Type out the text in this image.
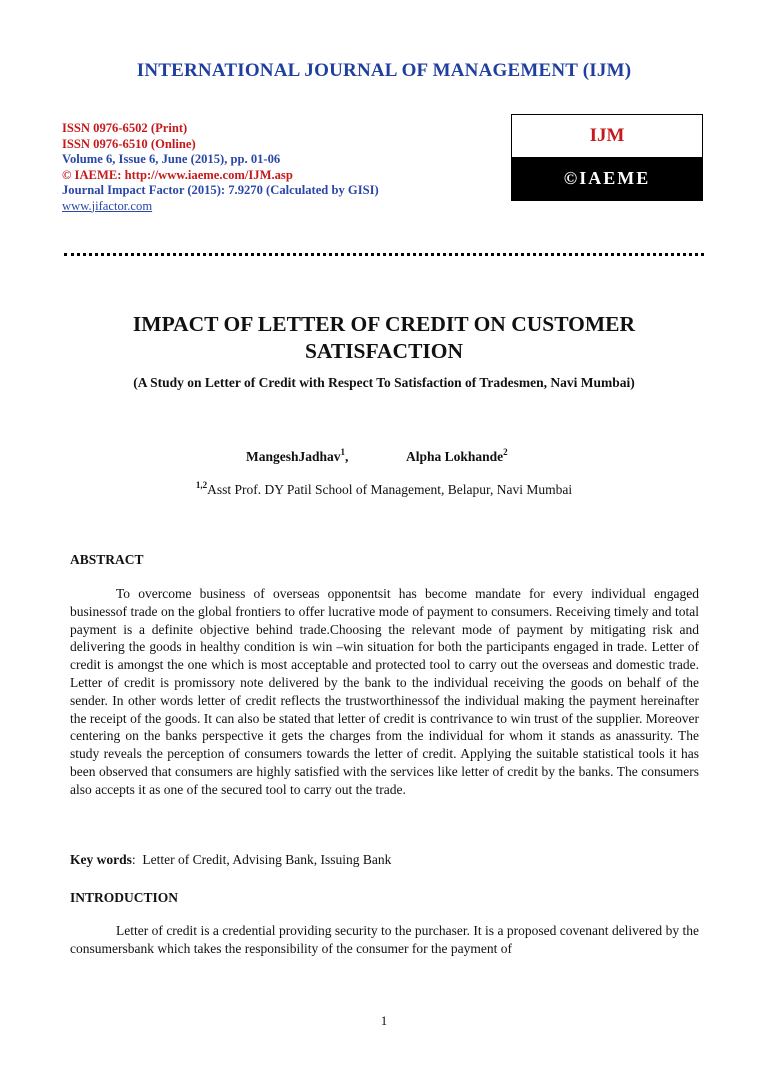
INTERNATIONAL JOURNAL OF MANAGEMENT (IJM)
ISSN 0976-6502 (Print)
ISSN 0976-6510 (Online)
Volume 6, Issue 6, June (2015), pp. 01-06
© IAEME: http://www.iaeme.com/IJM.asp
Journal Impact Factor (2015): 7.9270 (Calculated by GISI)
www.jifactor.com
IJM
©IAEME
IMPACT OF LETTER OF CREDIT ON CUSTOMER
SATISFACTION
(A Study on Letter of Credit with Respect To Satisfaction of Tradesmen, Navi Mumbai)
MangeshJadhav$^1$,	Alpha Lokhande$^2$
$^{1,2}$Asst Prof. DY Patil School of Management, Belapur, Navi Mumbai
ABSTRACT

To overcome business of overseas opponentsit has become mandate for every individual engaged businessof trade on the global frontiers to offer lucrative mode of payment to consumers. Receiving timely and total payment is a definite objective behind trade.Choosing the relevant mode of payment by mitigating risk and delivering the goods in healthy condition is win –win situation for both the participants engaged in trade. Letter of credit is amongst the one which is most acceptable and protected tool to carry out the overseas and domestic trade. Letter of credit is promissory note delivered by the bank to the individual receiving the goods on behalf of the sender. In other words letter of credit reflects the trustworthinessof the individual making the payment hereinafter the receipt of the goods. It can also be stated that letter of credit is contrivance to win trust of the supplier. Moreover centering on the banks perspective it gets the charges from the individual for whom it stands as anassurity. The study reveals the perception of consumers towards the letter of credit. Applying the suitable statistical tools it has been observed that consumers are highly satisfied with the services like letter of credit by the banks. The consumers also accepts it as one of the secured tool to carry out the trade.

Key words: Letter of Credit, Advising Bank, Issuing Bank
INTRODUCTION

Letter of credit is a credential providing security to the purchaser. It is a proposed covenant delivered by the consumersbank which takes the responsibility of the consumer for the payment of

1
